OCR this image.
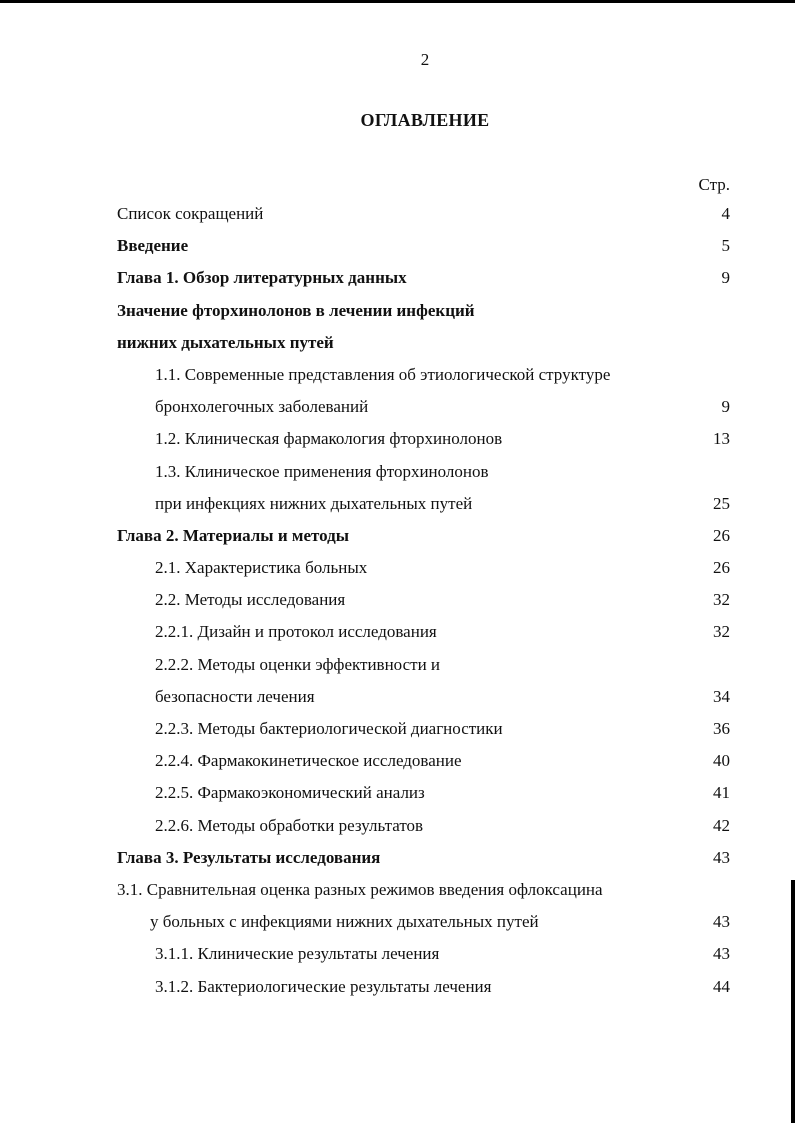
2
ОГЛАВЛЕНИЕ
Стр.
Список сокращений	4
Введение	5
Глава 1. Обзор литературных данных	9
Значение фторхинолонов в лечении инфекций
нижних дыхательных путей
1.1. Современные представления об этиологической структуре
бронхолегочных заболеваний	9
1.2. Клиническая фармакология фторхинолонов	13
1.3. Клиническое применения фторхинолонов
при инфекциях нижних дыхательных путей	25
Глава 2. Материалы и методы	26
2.1. Характеристика больных	26
2.2. Методы исследования	32
2.2.1. Дизайн и протокол исследования	32
2.2.2. Методы оценки эффективности и
безопасности лечения	34
2.2.3. Методы бактериологической диагностики	36
2.2.4. Фармакокинетическое исследование	40
2.2.5. Фармакоэкономический анализ	41
2.2.6. Методы обработки результатов	42
Глава 3. Результаты исследования	43
3.1. Сравнительная оценка разных режимов введения офлоксацина
у больных с инфекциями нижних дыхательных путей	43
3.1.1. Клинические результаты лечения	43
3.1.2. Бактериологические результаты лечения	44
